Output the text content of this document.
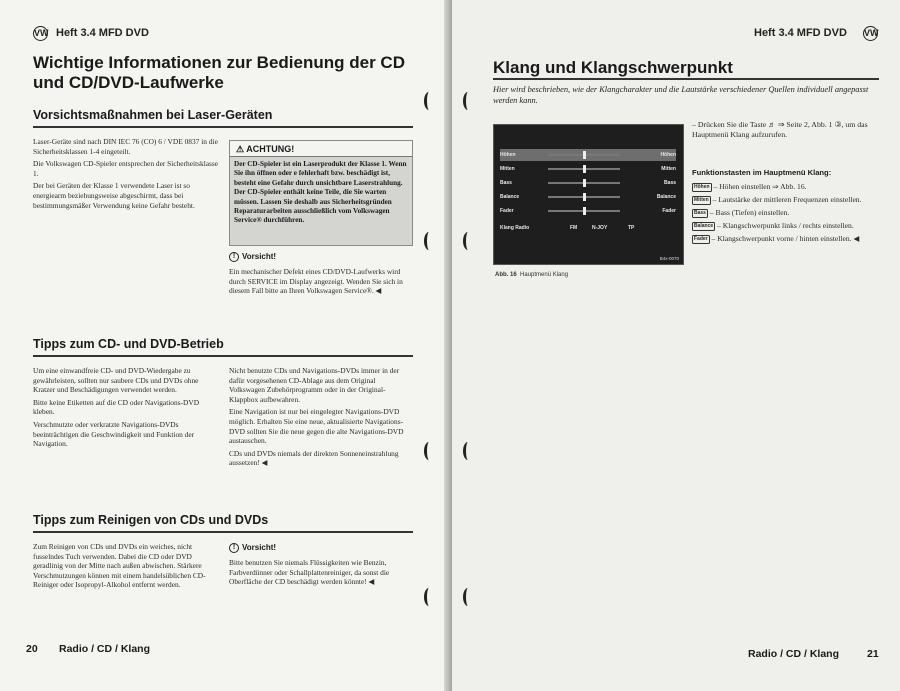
VW Heft 3.4 MFD DVD
Wichtige Informationen zur Bedienung der CD und CD/DVD-Laufwerke
Vorsichtsmaßnahmen bei Laser-Geräten

Laser-Geräte sind nach DIN IEC 76 (CO) 6 / VDE 0837 in die Sicherheitsklassen 1-4 eingeteilt.

Die Volkswagen CD-Spieler entsprechen der Sicherheitsklasse 1.

Der bei Geräten der Klasse 1 verwendete Laser ist so energiearm beziehungsweise abgeschirmt, dass bei bestimmungsmäßer Verwendung keine Gefahr besteht.

⚠ ACHTUNG!
Der CD-Spieler ist ein Laserprodukt der Klasse 1. Wenn Sie ihn öffnen oder e fehlerhaft bzw. beschädigt ist, besteht eine Gefahr durch unsichtbare Laserstrahlung. Der CD-Spieler enthält keine Teile, die Sie warten müssen. Lassen Sie deshalb aus Sicherheitsgründen Reparaturarbeiten ausschließlich vom Volkswagen Service® durchführen.
! Vorsicht!
Ein mechanischer Defekt eines CD/DVD-Laufwerks wird durch SERVICE im Display angezeigt. Wenden Sie sich in diesem Fall bitte an Ihren Volkswagen Service®. ◀
Tipps zum CD- und DVD-Betrieb

Um eine einwandfreie CD- und DVD-Wiedergabe zu gewährleisten, sollten nur saubere CDs und DVDs ohne Kratzer und Beschädigungen verwendet werden.

Bitte keine Etiketten auf die CD oder Navigations-DVD kleben.

Verschmutzte oder verkratzte Navigations-DVDs beeinträchtigen die Geschwindigkeit und Funktion der Navigation.

Nicht benutzte CDs und Navigations-DVDs immer in der dafür vorgesehenen CD-Ablage aus dem Original Volkswagen Zubehörprogramm oder in der Original-Klappbox aufbewahren.

Eine Navigation ist nur bei eingelegter Navigations-DVD möglich. Erhalten Sie eine neue, aktualisierte Navigations-DVD sollten Sie die neue gegen die alte Navigations-DVD austauschen.

CDs und DVDs niemals der direkten Sonneneinstrahlung aussetzen! ◀

Tipps zum Reinigen von CDs und DVDs
Zum Reinigen von CDs und DVDs ein weiches, nicht fusselndes Tuch verwenden. Dabei die CD oder DVD geradlinig von der Mitte nach außen abwischen. Stärkere Verschmutzungen können mit einem handelsüblichen CD-Reiniger oder Isopropyl-Alkohol entfernt werden.
! Vorsicht!
Bitte benutzen Sie niemals Flüssigkeiten wie Benzin, Farbverdünner oder Schallplattenreiniger, da sonst die Oberfläche der CD beschädigt werden könnte! ◀
20 Radio / CD / Klang
Heft 3.4 MFD DVD VW
Klang und Klangschwerpunkt
Hier wird beschrieben, wie der Klangcharakter und die Lautstärke verschiedener Quellen individuell angepasst werden kann.
Höhen	Höhen
Mitten	Mitten
Bass	Bass
Balance	Balance
Fader	Fader
Klang Radio	FM	N-JOY	TP
B4x-0070
Abb. 16 Hauptmenü Klang
– Drücken Sie die Taste ♬ ⇒ Seite 2, Abb. 1 ③, um das Hauptmenü Klang aufzurufen.
Funktionstasten im Hauptmenü Klang:

Höhen – Höhen einstellen ⇒ Abb. 16.

Mitten – Lautstärke der mittleren Frequenzen einstellen.

Bass – Bass (Tiefen) einstellen.

Balance – Klangschwerpunkt links / rechts einstellen.

Fader – Klangschwerpunkt vorne / hinten einstellen. ◀

Radio / CD / Klang	21
